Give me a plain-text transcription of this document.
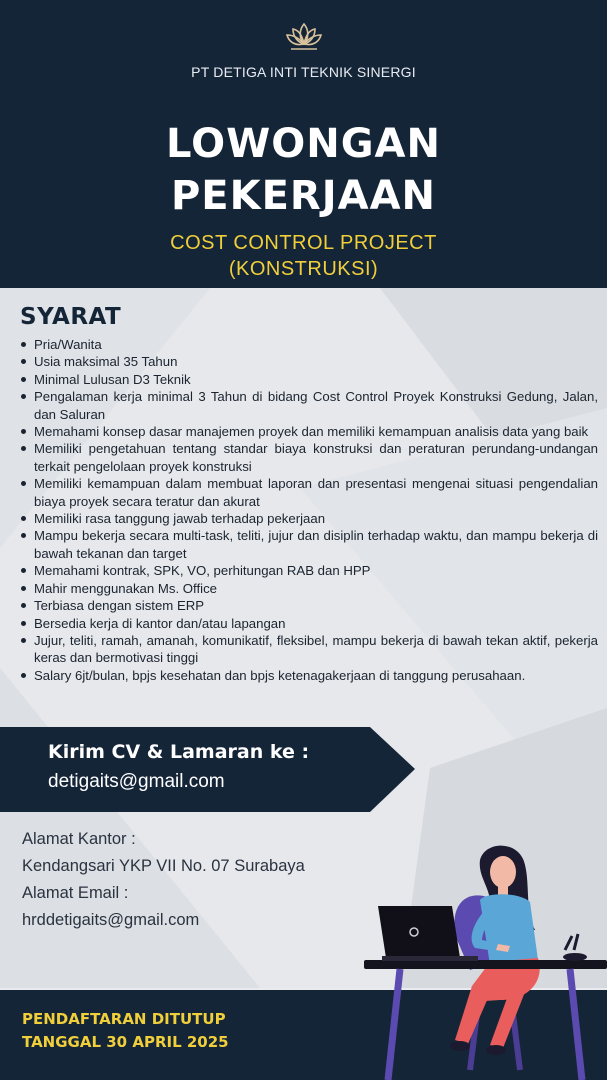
PT DETIGA INTI TEKNIK SINERGI
LOWONGAN
PEKERJAAN
COST CONTROL PROJECT
(KONSTRUKSI)
SYARAT
Pria/Wanita
Usia maksimal 35 Tahun
Minimal Lulusan D3 Teknik
Pengalaman kerja minimal 3 Tahun di bidang Cost Control Proyek Konstruksi Gedung, Jalan, dan Saluran
Memahami konsep dasar manajemen proyek dan memiliki kemampuan analisis data yang baik
Memiliki pengetahuan tentang standar biaya konstruksi dan peraturan perundang-undangan terkait pengelolaan proyek konstruksi
Memiliki kemampuan dalam membuat laporan dan presentasi mengenai situasi pengendalian biaya proyek secara teratur dan akurat
Memiliki rasa tanggung jawab terhadap pekerjaan
Mampu bekerja secara multi-task, teliti, jujur dan disiplin terhadap waktu, dan mampu bekerja di bawah tekanan dan target
Memahami kontrak, SPK, VO, perhitungan RAB dan HPP
Mahir menggunakan Ms. Office
Terbiasa dengan sistem ERP
Bersedia kerja di kantor dan/atau lapangan
Jujur, teliti, ramah, amanah, komunikatif, fleksibel, mampu bekerja di bawah tekan aktif, pekerja keras dan bermotivasi tinggi
Salary 6jt/bulan, bpjs kesehatan dan bpjs ketenagakerjaan di tanggung perusahaan.
Kirim CV & Lamaran ke :
detigaits@gmail.com
Alamat Kantor :
Kendangsari YKP VII No. 07 Surabaya
Alamat Email :
hrddetigaits@gmail.com
PENDAFTARAN DITUTUP
TANGGAL 30 APRIL 2025
